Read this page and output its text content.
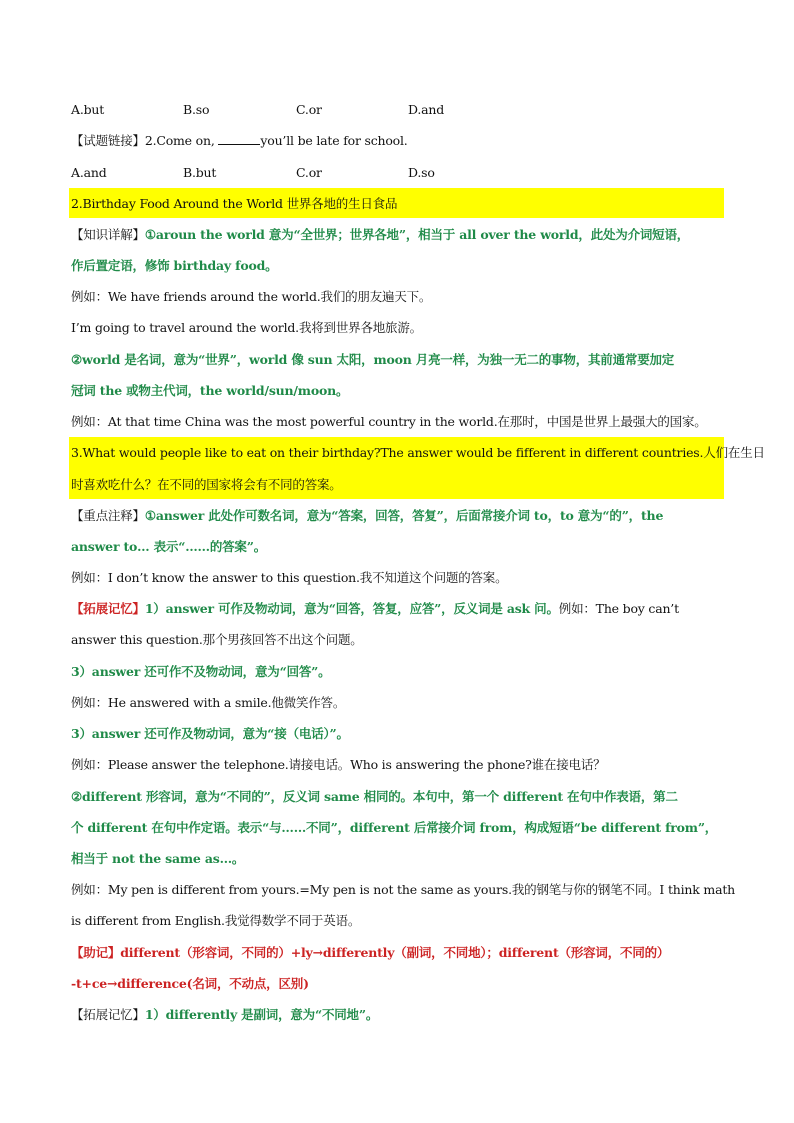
A.but	B.so	C.or	D.and
【试题链接】2.Come on,	you’ll be late for school.
A.and	B.but	C.or	D.so
2.Birthday Food Around the World 世界各地的生日食品
【知识详解】①aroun the world 意为“全世界；世界各地”，相当于 all over the world，此处为介词短语，
作后置定语，修饰 birthday food。
例如：We have friends around the world.我们的朋友遍天下。
I’m going to travel around the world.我将到世界各地旅游。
②world 是名词，意为“世界”，world 像 sun 太阳，moon 月亮一样，为独一无二的事物，其前通常要加定
冠词 the 或物主代词，the world/sun/moon。
例如：At that time China was the most powerful country in the world.在那时，中国是世界上最强大的国家。
3.What would people like to eat on their birthday?The answer would be fifferent in different countries.人们在生日
时喜欢吃什么？在不同的国家将会有不同的答案。
【重点注释】①answer 此处作可数名词，意为“答案，回答，答复”，后面常接介词 to，to 意为“的”，the
answer to… 表示“……的答案”。
例如：I don’t know the answer to this question.我不知道这个问题的答案。
【拓展记忆】1）answer 可作及物动词，意为“回答，答复，应答”，反义词是 ask 问。例如：The boy can’t
answer this question.那个男孩回答不出这个问题。
3）answer 还可作不及物动词，意为“回答”。
例如：He answered with a smile.他微笑作答。
3）answer 还可作及物动词，意为“接（电话）”。
例如：Please answer the telephone.请接电话。Who is answering the phone?谁在接电话？
②different 形容词，意为“不同的”，反义词 same 相同的。本句中，第一个 different 在句中作表语，第二
个 different 在句中作定语。表示“与……不同”，different 后常接介词 from，构成短语“be different from”，
相当于 not the same as…。
例如：My pen is different from yours.=My pen is not the same as yours.我的钢笔与你的钢笔不同。I think math
is different from English.我觉得数学不同于英语。
【助记】different（形容词，不同的）+ly→differently（副词，不同地）；different（形容词，不同的）
-t+ce→difference(名词，不动点，区别)
【拓展记忆】1）differently 是副词，意为“不同地”。
